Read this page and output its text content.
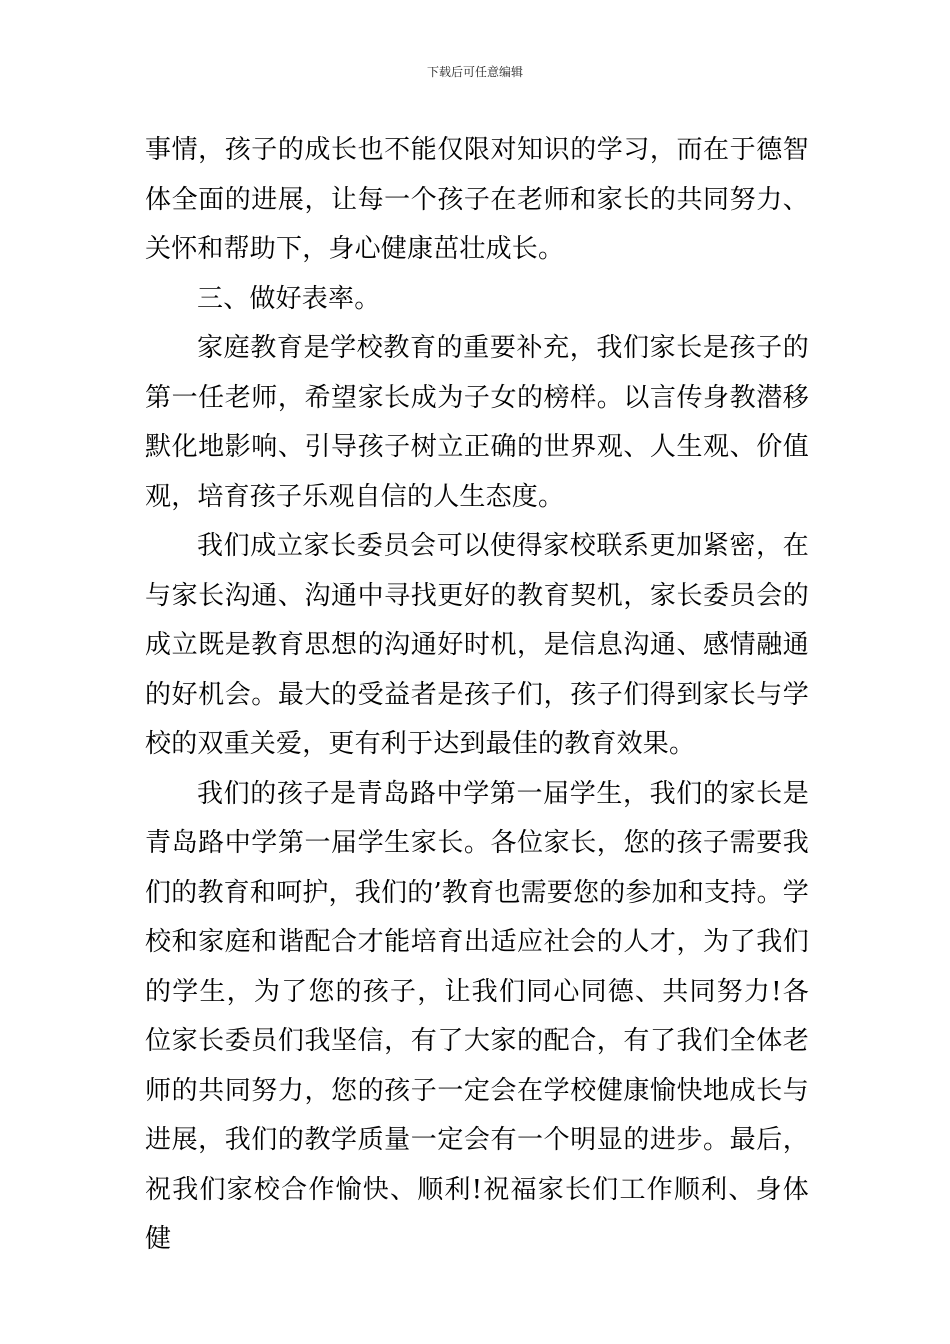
下载后可任意编辑

事情，孩子的成长也不能仅限对知识的学习，而在于德智体全面的进展，让每一个孩子在老师和家长的共同努力、关怀和帮助下，身心健康茁壮成长。

三、做好表率。

家庭教育是学校教育的重要补充，我们家长是孩子的第一任老师，希望家长成为子女的榜样。以言传身教潜移默化地影响、引导孩子树立正确的世界观、人生观、价值观，培育孩子乐观自信的人生态度。

我们成立家长委员会可以使得家校联系更加紧密，在与家长沟通、沟通中寻找更好的教育契机，家长委员会的成立既是教育思想的沟通好时机，是信息沟通、感情融通的好机会。最大的受益者是孩子们，孩子们得到家长与学校的双重关爱，更有利于达到最佳的教育效果。

我们的孩子是青岛路中学第一届学生，我们的家长是青岛路中学第一届学生家长。各位家长，您的孩子需要我们的教育和呵护，我们的’教育也需要您的参加和支持。学校和家庭和谐配合才能培育出适应社会的人才，为了我们的学生，为了您的孩子，让我们同心同德、共同努力!各位家长委员们我坚信，有了大家的配合，有了我们全体老师的共同努力，您的孩子一定会在学校健康愉快地成长与进展，我们的教学质量一定会有一个明显的进步。最后，祝我们家校合作愉快、顺利!祝福家长们工作顺利、身体健
